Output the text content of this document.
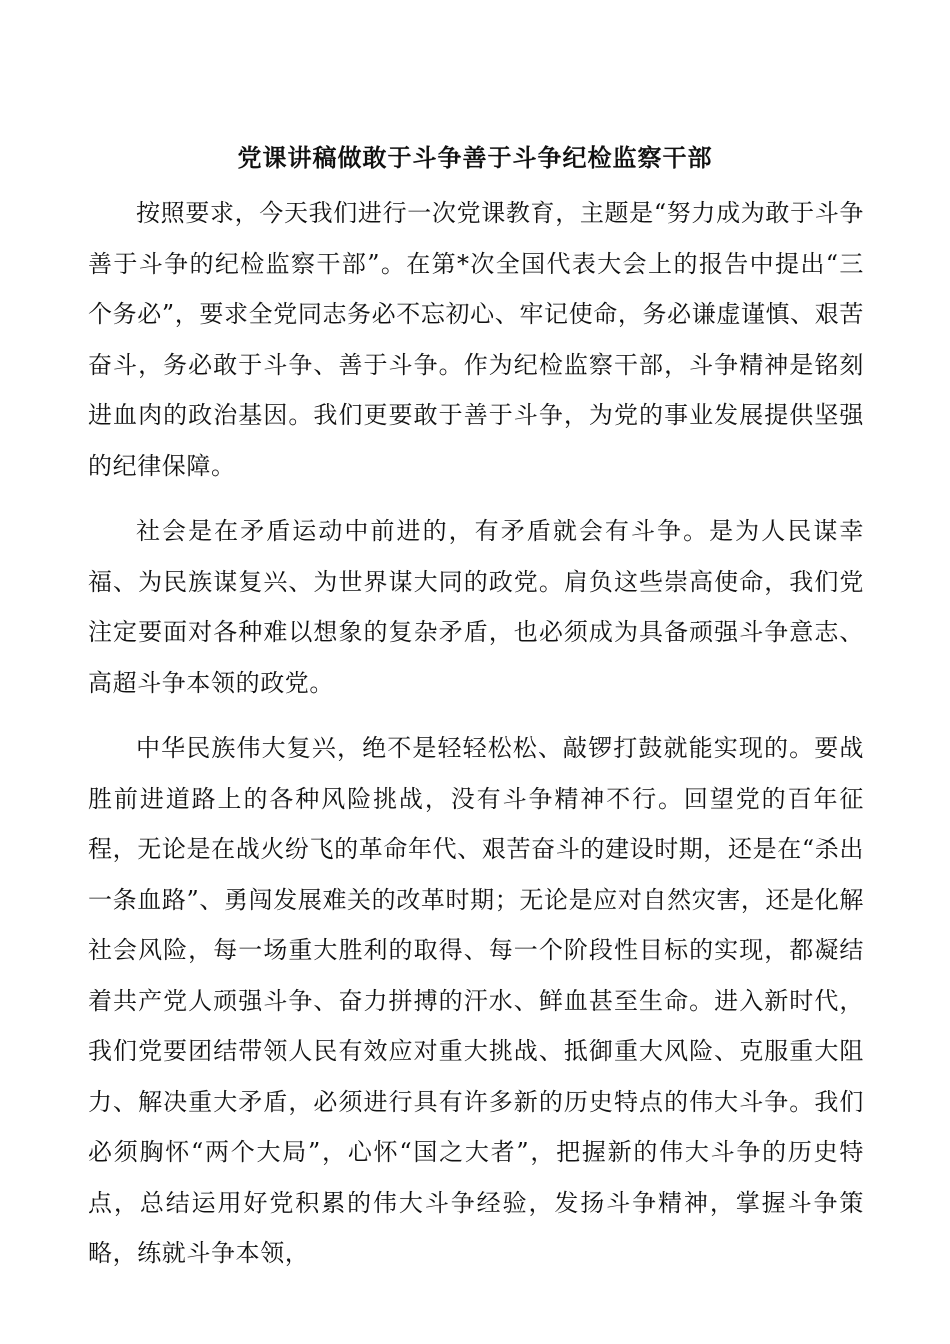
党课讲稿做敢于斗争善于斗争纪检监察干部

按照要求，今天我们进行一次党课教育，主题是“努力成为敢于斗争善于斗争的纪检监察干部”。在第*次全国代表大会上的报告中提出“三个务必”，要求全党同志务必不忘初心、牢记使命，务必谦虚谨慎、艰苦奋斗，务必敢于斗争、善于斗争。作为纪检监察干部，斗争精神是铭刻进血肉的政治基因。我们更要敢于善于斗争，为党的事业发展提供坚强的纪律保障。

社会是在矛盾运动中前进的，有矛盾就会有斗争。是为人民谋幸福、为民族谋复兴、为世界谋大同的政党。肩负这些崇高使命，我们党注定要面对各种难以想象的复杂矛盾，也必须成为具备顽强斗争意志、高超斗争本领的政党。

中华民族伟大复兴，绝不是轻轻松松、敲锣打鼓就能实现的。要战胜前进道路上的各种风险挑战，没有斗争精神不行。回望党的百年征程，无论是在战火纷飞的革命年代、艰苦奋斗的建设时期，还是在“杀出一条血路”、勇闯发展难关的改革时期；无论是应对自然灾害，还是化解社会风险，每一场重大胜利的取得、每一个阶段性目标的实现，都凝结着共产党人顽强斗争、奋力拼搏的汗水、鲜血甚至生命。进入新时代，我们党要团结带领人民有效应对重大挑战、抵御重大风险、克服重大阻力、解决重大矛盾，必须进行具有许多新的历史特点的伟大斗争。我们必须胸怀“两个大局”，心怀“国之大者”，把握新的伟大斗争的历史特点，总结运用好党积累的伟大斗争经验，发扬斗争精神，掌握斗争策略，练就斗争本领，
